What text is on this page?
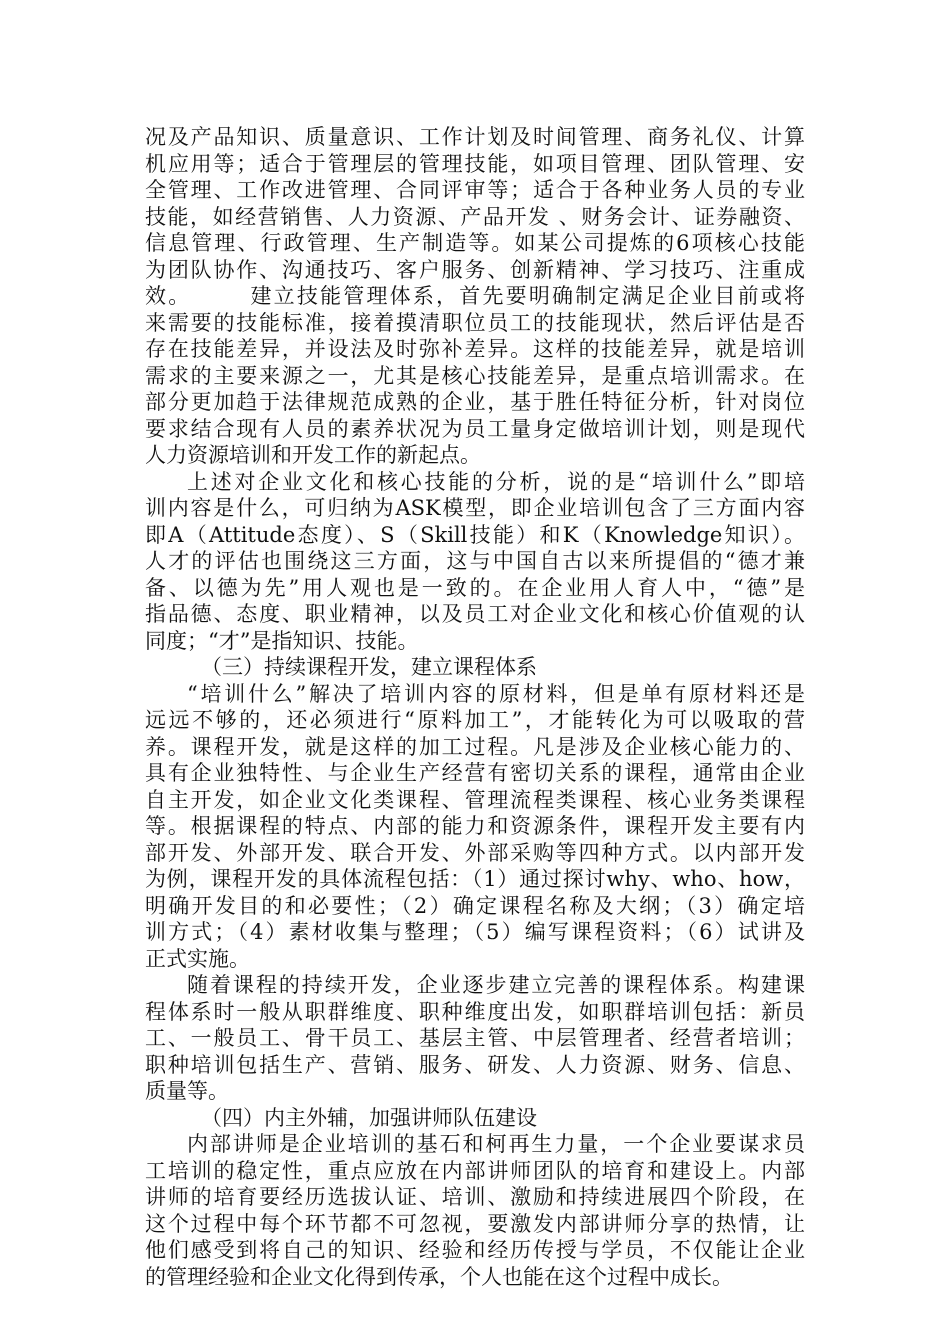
况及产品知识、质量意识、工作计划及时间管理、商务礼仪、计算
机应用等；适合于管理层的管理技能，如项目管理、团队管理、安
全管理、工作改进管理、合同评审等；适合于各种业务人员的专业
技能，如经营销售、人力资源、产品开发 、财务会计、证券融资、
信息管理、行政管理、生产制造等。如某公司提炼的6项核心技能
为团队协作、沟通技巧、客户服务、创新精神、学习技巧、注重成
效。　　　建立技能管理体系，首先要明确制定满足企业目前或将
来需要的技能标准，接着摸清职位员工的技能现状，然后评估是否
存在技能差异，并设法及时弥补差异。这样的技能差异，就是培训
需求的主要来源之一，尤其是核心技能差异，是重点培训需求。在
部分更加趋于法律规范成熟的企业，基于胜任特征分析，针对岗位
要求结合现有人员的素养状况为员工量身定做培训计划，则是现代
人力资源培训和开发工作的新起点。
上述对企业文化和核心技能的分析，说的是“培训什么”即培
训内容是什么，可归纳为ASK模型，即企业培训包含了三方面内容
即A（Attitude态度）、S（Skill技能）和K（Knowledge知识）。
人才的评估也围绕这三方面，这与中国自古以来所提倡的“德才兼
备、以德为先”用人观也是一致的。在企业用人育人中，“德”是
指品德、态度、职业精神，以及员工对企业文化和核心价值观的认
同度；“才”是指知识、技能。
（三）持续课程开发，建立课程体系
“培训什么”解决了培训内容的原材料，但是单有原材料还是
远远不够的，还必须进行“原料加工”，才能转化为可以吸取的营
养。课程开发，就是这样的加工过程。凡是涉及企业核心能力的、
具有企业独特性、与企业生产经营有密切关系的课程，通常由企业
自主开发，如企业文化类课程、管理流程类课程、核心业务类课程
等。根据课程的特点、内部的能力和资源条件，课程开发主要有内
部开发、外部开发、联合开发、外部采购等四种方式。以内部开发
为例，课程开发的具体流程包括：（1）通过探讨why、who、how，
明确开发目的和必要性；（2）确定课程名称及大纲；（3）确定培
训方式；（4）素材收集与整理；（5）编写课程资料；（6）试讲及
正式实施。
随着课程的持续开发，企业逐步建立完善的课程体系。构建课
程体系时一般从职群维度、职种维度出发，如职群培训包括：新员
工、一般员工、骨干员工、基层主管、中层管理者、经营者培训；
职种培训包括生产、营销、服务、研发、人力资源、财务、信息、
质量等。
（四）内主外辅，加强讲师队伍建设
内部讲师是企业培训的基石和柯再生力量，一个企业要谋求员
工培训的稳定性，重点应放在内部讲师团队的培育和建设上。内部
讲师的培育要经历选拔认证、培训、激励和持续进展四个阶段，在
这个过程中每个环节都不可忽视，要激发内部讲师分享的热情，让
他们感受到将自己的知识、经验和经历传授与学员，不仅能让企业
的管理经验和企业文化得到传承，个人也能在这个过程中成长。
